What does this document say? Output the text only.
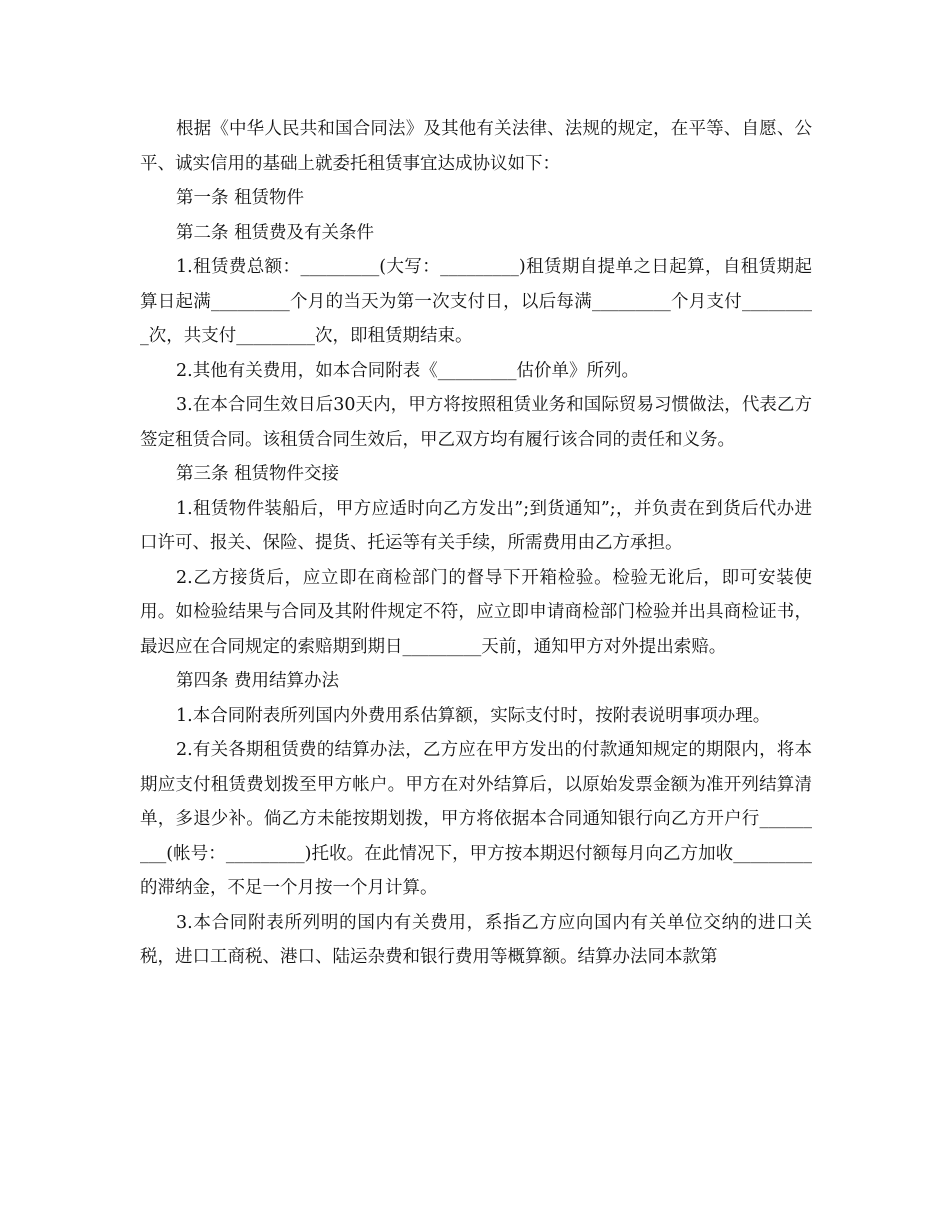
根据《中华人民共和国合同法》及其他有关法律、法规的规定，在平等、自愿、公平、诚实信用的基础上就委托租赁事宜达成协议如下：

第一条 租赁物件

第二条 租赁费及有关条件

1.租赁费总额：_________(大写：_________)租赁期自提单之日起算，自租赁期起算日起满_________个月的当天为第一次支付日，以后每满_________个月支付_________次，共支付_________次，即租赁期结束。

2.其他有关费用，如本合同附表《_________估价单》所列。

3.在本合同生效日后30天内，甲方将按照租赁业务和国际贸易习惯做法，代表乙方签定租赁合同。该租赁合同生效后，甲乙双方均有履行该合同的责任和义务。

第三条 租赁物件交接

1.租赁物件装船后，甲方应适时向乙方发出”;到货通知”;，并负责在到货后代办进口许可、报关、保险、提货、托运等有关手续，所需费用由乙方承担。

2.乙方接货后，应立即在商检部门的督导下开箱检验。检验无讹后，即可安装使用。如检验结果与合同及其附件规定不符，应立即申请商检部门检验并出具商检证书，最迟应在合同规定的索赔期到期日_________天前，通知甲方对外提出索赔。

第四条 费用结算办法

1.本合同附表所列国内外费用系估算额，实际支付时，按附表说明事项办理。

2.有关各期租赁费的结算办法，乙方应在甲方发出的付款通知规定的期限内，将本期应支付租赁费划拨至甲方帐户。甲方在对外结算后，以原始发票金额为准开列结算清单，多退少补。倘乙方未能按期划拨，甲方将依据本合同通知银行向乙方开户行_________(帐号：_________)托收。在此情况下，甲方按本期迟付额每月向乙方加收_________的滞纳金，不足一个月按一个月计算。

3.本合同附表所列明的国内有关费用，系指乙方应向国内有关单位交纳的进口关税，进口工商税、港口、陆运杂费和银行费用等概算额。结算办法同本款第
